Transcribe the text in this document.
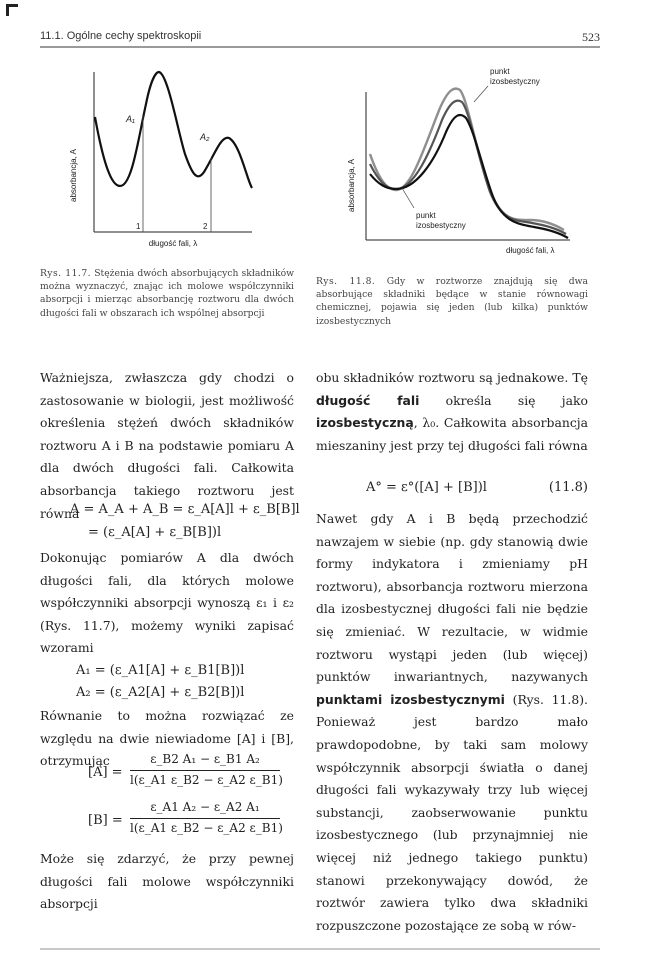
11.1. Ogólne cechy spektroskopii	523
A₁
A₂
1	2
absorbancja, A
długość fali, λ
Rys. 11.7. Stężenia dwóch absorbujących składników można wyznaczyć, znając ich molowe współczynniki absorpcji i mierząc absorbancję roztworu dla dwóch długości fali w obszarach ich wspólnej absorpcji
punkt
izosbestyczny
punkt
izosbestyczny
absorbancja, A
długość fali, λ
Rys. 11.8. Gdy w roztworze znajdują się dwa absorbujące składniki będące w stanie równowagi chemicznej, pojawia się jeden (lub kilka) punktów izosbestycznych

Ważniejsza, zwłaszcza gdy chodzi o zastosowanie w biologii, jest możliwość określenia stężeń dwóch składników roztworu A i B na podstawie pomiaru A dla dwóch długości fali. Całkowita absorbancja takiego roztworu jest równa

A = A_A + A_B = ε_A[A]l + ε_B[B]l
= (ε_A[A] + ε_B[B])l

Dokonując pomiarów A dla dwóch długości fali, dla których molowe współczynniki absorpcji wynoszą ε₁ i ε₂ (Rys. 11.7), możemy wyniki zapisać wzorami

A₁ = (ε_A1[A] + ε_B1[B])l
A₂ = (ε_A2[A] + ε_B2[B])l

Równanie to można rozwiązać ze względu na dwie niewiadome [A] i [B], otrzymując

[A] =
ε_B2 A₁ − ε_B1 A₂
l(ε_A1 ε_B2 − ε_A2 ε_B1)
[B] =
ε_A1 A₂ − ε_A2 A₁
l(ε_A1 ε_B2 − ε_A2 ε_B1)

Może się zdarzyć, że przy pewnej długości fali molowe współczynniki absorpcji

obu składników roztworu są jednakowe. Tę długość fali określa się jako izosbestyczną, λ₀. Całkowita absorbancja mieszaniny jest przy tej długości fali równa

A° = ε°([A] + [B])l	(11.8)

Nawet gdy A i B będą przechodzić nawzajem w siebie (np. gdy stanowią dwie formy indykatora i zmieniamy pH roztworu), absorbancja roztworu mierzona dla izosbestycznej długości fali nie będzie się zmieniać. W rezultacie, w widmie roztworu wystąpi jeden (lub więcej) punktów inwariantnych, nazywanych punktami izosbestycznymi (Rys. 11.8). Ponieważ jest bardzo mało prawdopodobne, by taki sam molowy współczynnik absorpcji światła o danej długości fali wykazywały trzy lub więcej substancji, zaobserwowanie punktu izosbestycznego (lub przynajmniej nie więcej niż jednego takiego punktu) stanowi przekonywający dowód, że roztwór zawiera tylko dwa składniki rozpuszczone pozostające ze sobą w rów-
